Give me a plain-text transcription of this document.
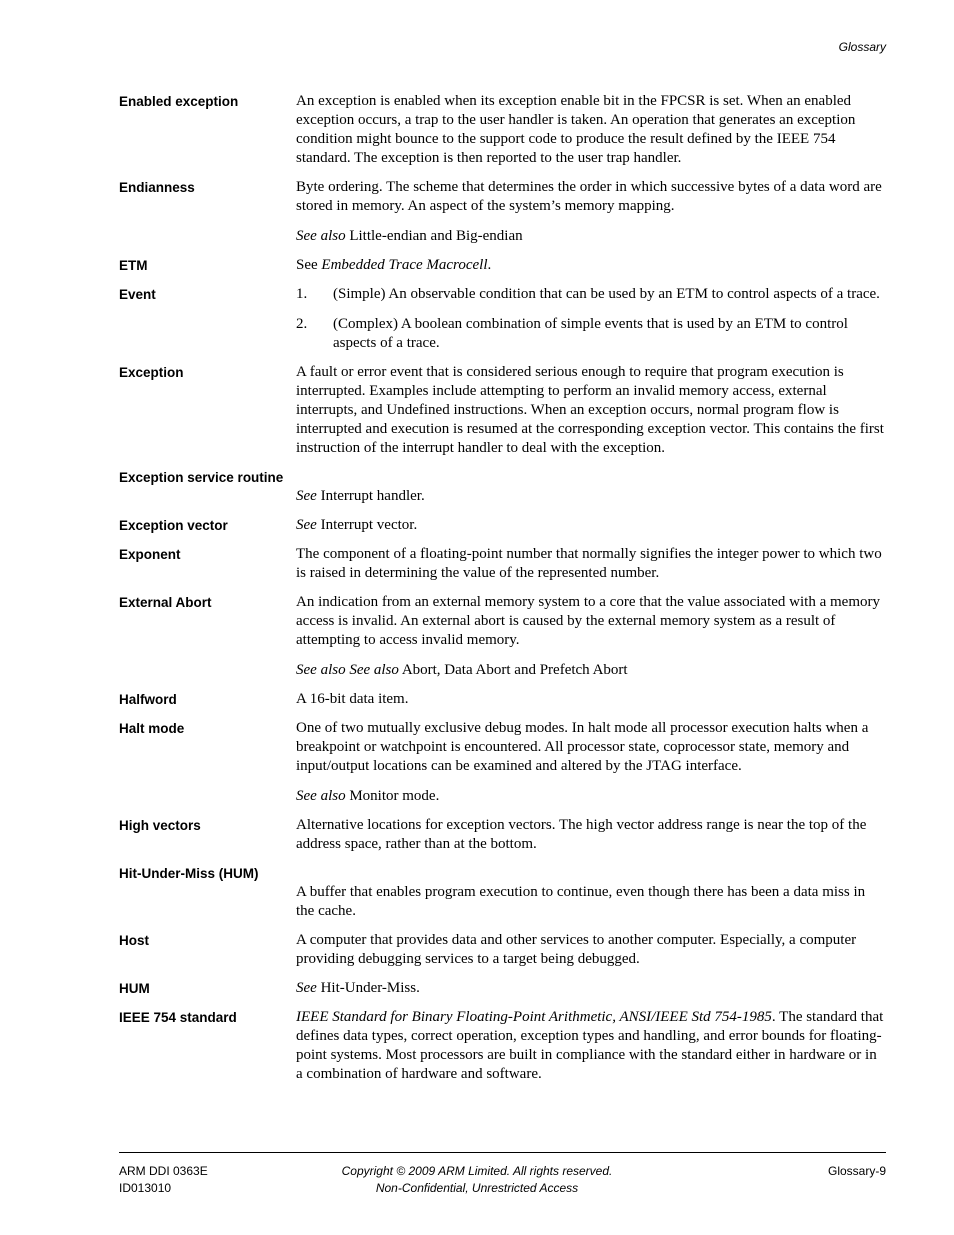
Glossary
Enabled exception	An exception is enabled when its exception enable bit in the FPCSR is set. When an enabled exception occurs, a trap to the user handler is taken. An operation that generates an exception condition might bounce to the support code to produce the result defined by the IEEE 754 standard. The exception is then reported to the user trap handler.

Endianness	Byte ordering. The scheme that determines the order in which successive bytes of a data word are stored in memory. An aspect of the system’s memory mapping.

See also Little-endian and Big-endian

ETM	See Embedded Trace Macrocell.

Event	1.	(Simple) An observable condition that can be used by an ETM to control aspects of a trace.
2.	(Complex) A boolean combination of simple events that is used by an ETM to control aspects of a trace.
Exception	A fault or error event that is considered serious enough to require that program execution is interrupted. Examples include attempting to perform an invalid memory access, external interrupts, and Undefined instructions. When an exception occurs, normal program flow is interrupted and execution is resumed at the corresponding exception vector. This contains the first instruction of the interrupt handler to deal with the exception.

Exception service routine

See Interrupt handler.

Exception vector	See Interrupt vector.

Exponent	The component of a floating-point number that normally signifies the integer power to which two is raised in determining the value of the represented number.

External Abort	An indication from an external memory system to a core that the value associated with a memory access is invalid. An external abort is caused by the external memory system as a result of attempting to access invalid memory.

See also See also Abort, Data Abort and Prefetch Abort

Halfword	A 16-bit data item.

Halt mode	One of two mutually exclusive debug modes. In halt mode all processor execution halts when a breakpoint or watchpoint is encountered. All processor state, coprocessor state, memory and input/output locations can be examined and altered by the JTAG interface.

See also Monitor mode.

High vectors	Alternative locations for exception vectors. The high vector address range is near the top of the address space, rather than at the bottom.

Hit-Under-Miss (HUM)

A buffer that enables program execution to continue, even though there has been a data miss in the cache.

Host	A computer that provides data and other services to another computer. Especially, a computer providing debugging services to a target being debugged.

HUM	See Hit-Under-Miss.

IEEE 754 standard	IEEE Standard for Binary Floating-Point Arithmetic, ANSI/IEEE Std 754-1985. The standard that defines data types, correct operation, exception types and handling, and error bounds for floating-point systems. Most processors are built in compliance with the standard either in hardware or in a combination of hardware and software.

ARM DDI 0363E
ID013010
Copyright © 2009 ARM Limited. All rights reserved.
Non-Confidential, Unrestricted Access
Glossary-9
